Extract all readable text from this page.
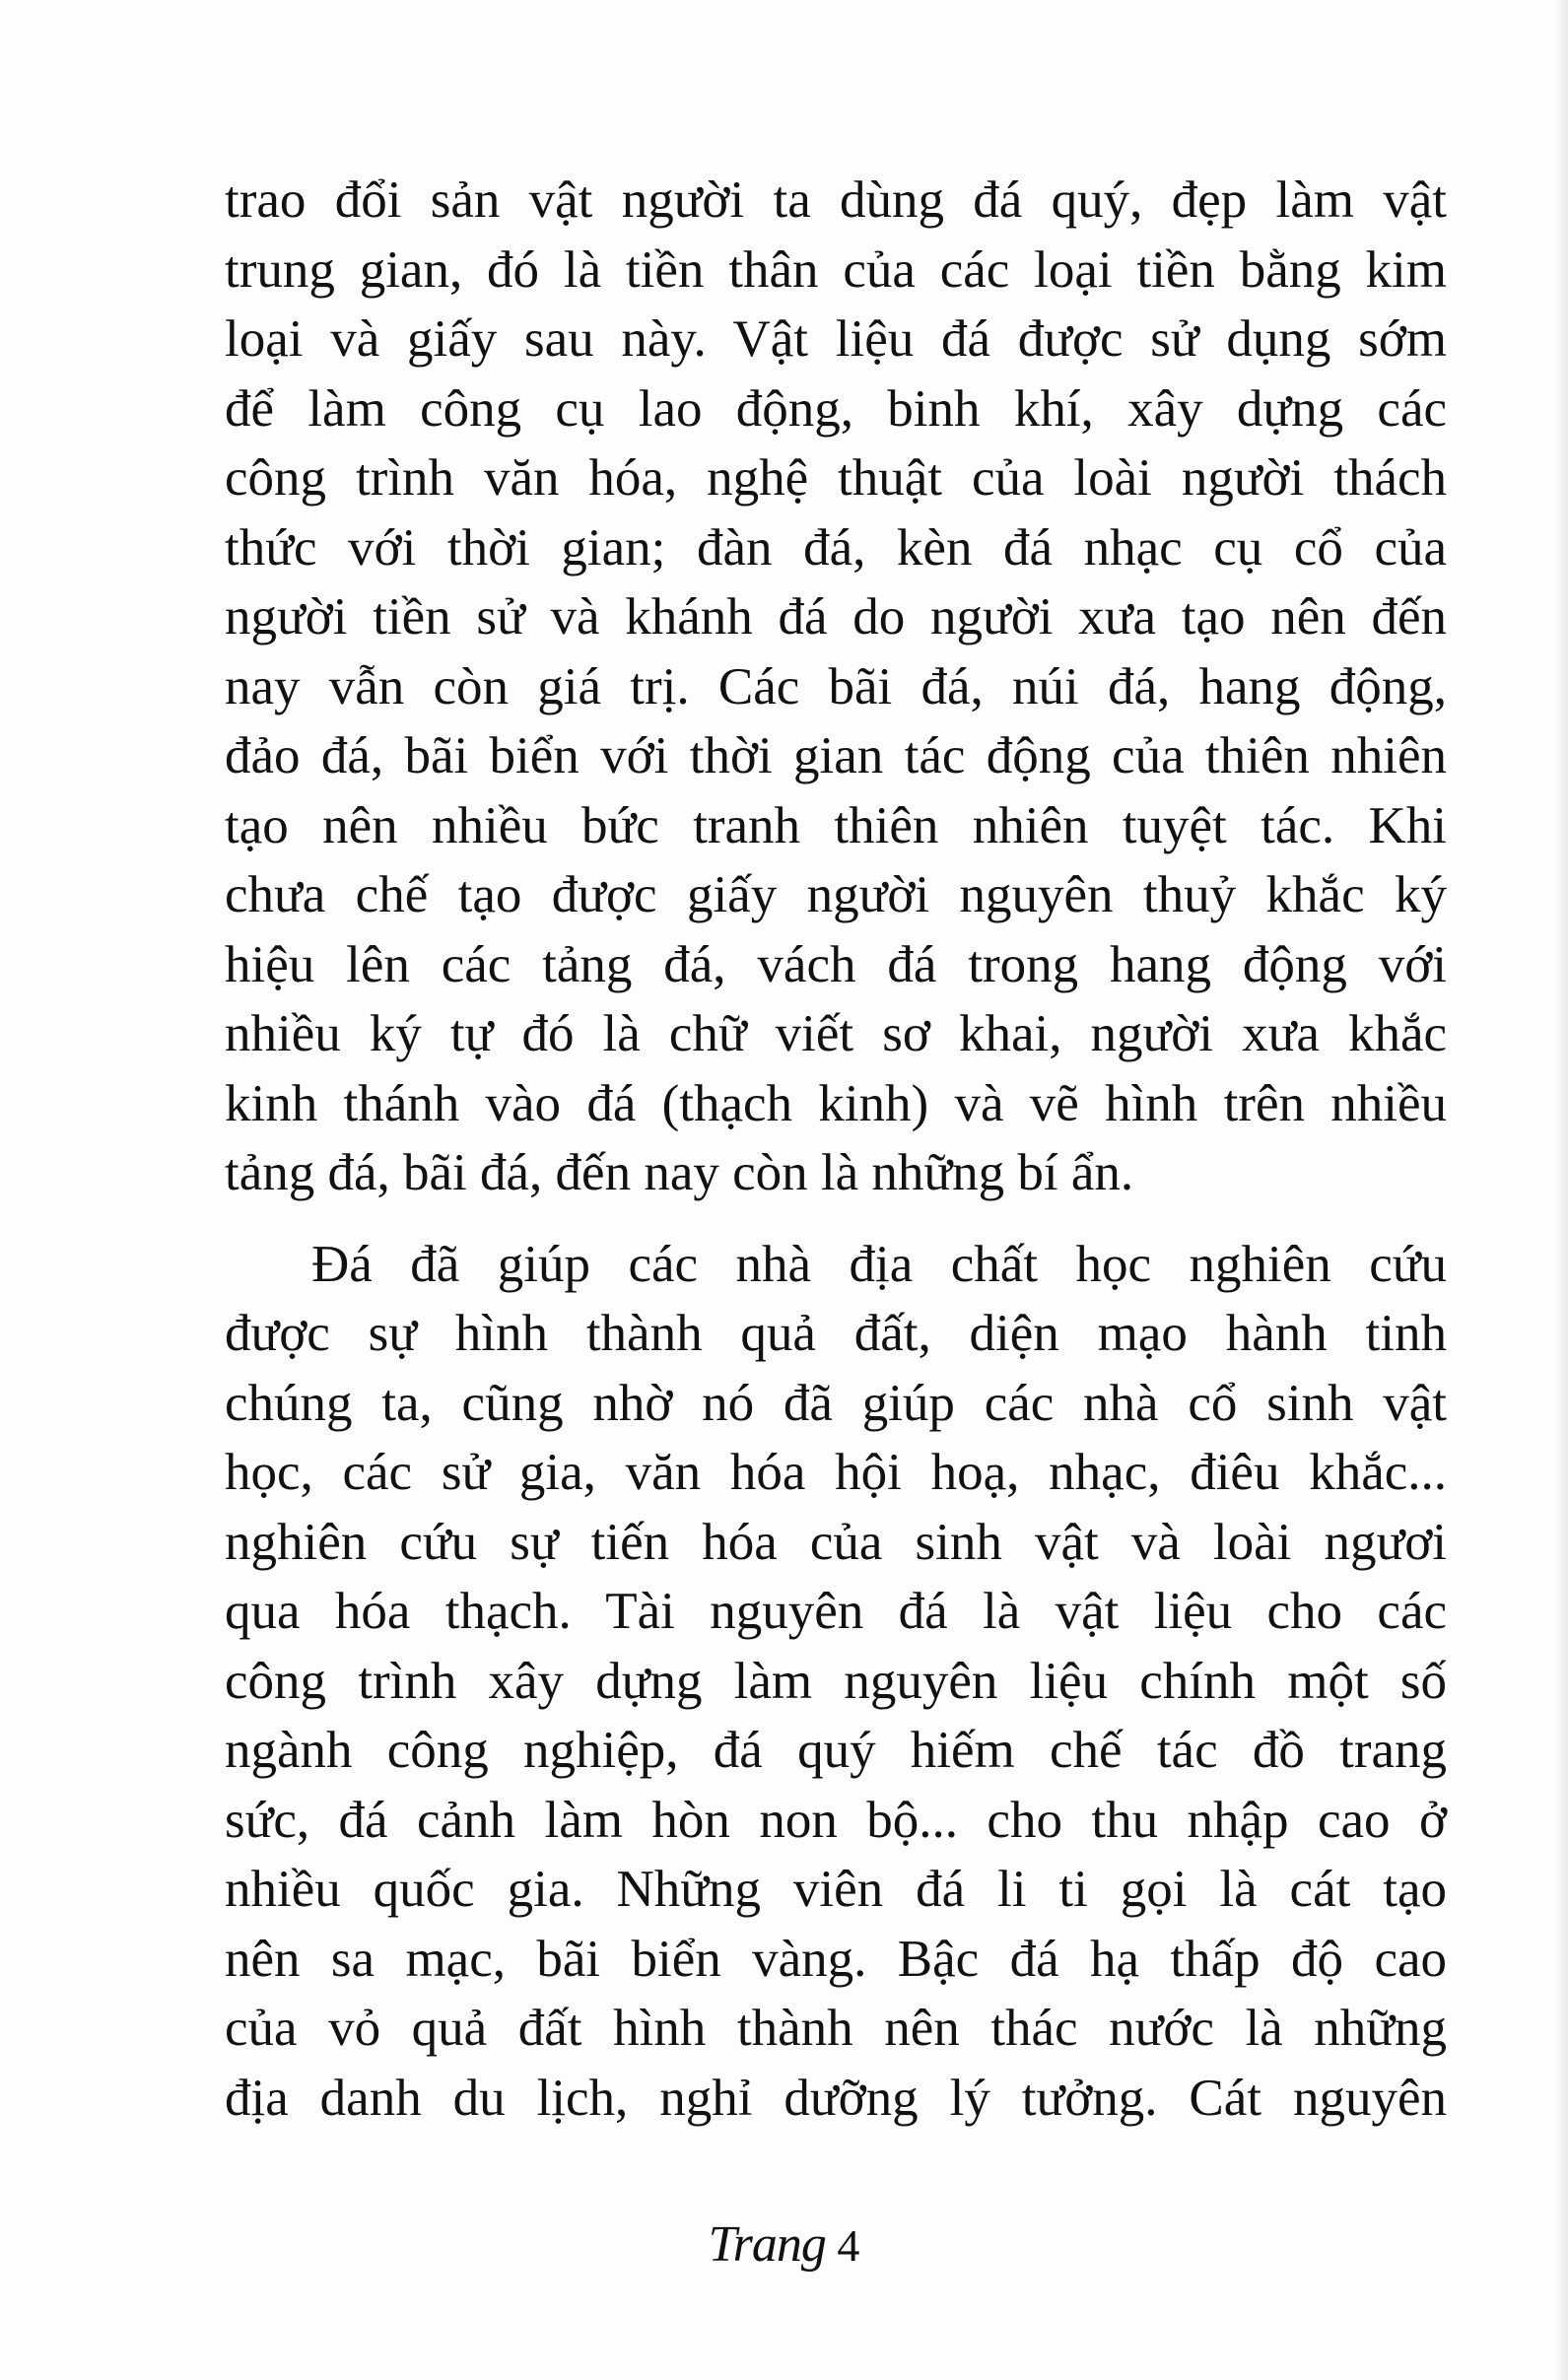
trao đổi sản vật người ta dùng đá quý, đẹp làm vật
trung gian, đó là tiền thân của các loại tiền bằng kim
loại và giấy sau này. Vật liệu đá được sử dụng sớm
để làm công cụ lao động, binh khí, xây dựng các
công trình văn hóa, nghệ thuật của loài người thách
thức với thời gian; đàn đá, kèn đá nhạc cụ cổ của
người tiền sử và khánh đá do người xưa tạo nên đến
nay vẫn còn giá trị. Các bãi đá, núi đá, hang động,
đảo đá, bãi biển với thời gian tác động của thiên nhiên
tạo nên nhiều bức tranh thiên nhiên tuyệt tác. Khi
chưa chế tạo được giấy người nguyên thuỷ khắc ký
hiệu lên các tảng đá, vách đá trong hang động với
nhiều ký tự đó là chữ viết sơ khai, người xưa khắc
kinh thánh vào đá (thạch kinh) và vẽ hình trên nhiều
tảng đá, bãi đá, đến nay còn là những bí ẩn.
Đá đã giúp các nhà địa chất học nghiên cứu
được sự hình thành quả đất, diện mạo hành tinh
chúng ta, cũng nhờ nó đã giúp các nhà cổ sinh vật
học, các sử gia, văn hóa hội hoạ, nhạc, điêu khắc...
nghiên cứu sự tiến hóa của sinh vật và loài ngươi
qua hóa thạch. Tài nguyên đá là vật liệu cho các
công trình xây dựng làm nguyên liệu chính một số
ngành công nghiệp, đá quý hiếm chế tác đồ trang
sức, đá cảnh làm hòn non bộ... cho thu nhập cao ở
nhiều quốc gia. Những viên đá li ti gọi là cát tạo
nên sa mạc, bãi biển vàng. Bậc đá hạ thấp độ cao
của vỏ quả đất hình thành nên thác nước là những
địa danh du lịch, nghỉ dưỡng lý tưởng. Cát nguyên
Trang 4
